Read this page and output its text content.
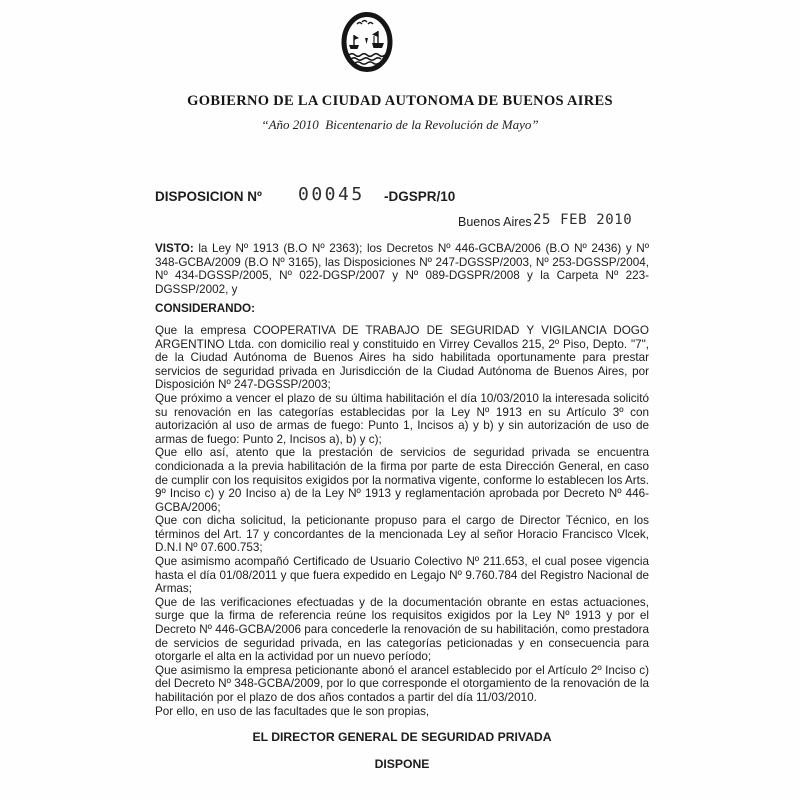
GOBIERNO DE LA CIUDAD AUTONOMA DE BUENOS AIRES
“Año 2010  Bicentenario de la Revolución de Mayo”
DISPOSICION Nº 00045 -DGSPR/10
Buenos Aires 25 FEB 2010

VISTO: la Ley Nº 1913 (B.O Nº 2363); los Decretos Nº 446-GCBA/2006 (B.O Nº 2436) y Nº 348-GCBA/2009 (B.O Nº 3165), las Disposiciones Nº 247-DGSSP/2003, Nº 253-DGSSP/2004, Nº 434-DGSSP/2005, Nº 022-DGSP/2007 y Nº 089-DGSPR/2008 y la Carpeta Nº 223- DGSSP/2002, y

CONSIDERANDO:

Que la empresa COOPERATIVA DE TRABAJO DE SEGURIDAD Y VIGILANCIA DOGO ARGENTINO Ltda. con domicilio real y constituido en Virrey Cevallos 215, 2º Piso, Depto. "7", de la Ciudad Autónoma de Buenos Aires ha sido habilitada oportunamente para prestar servicios de seguridad privada en Jurisdicción de la Ciudad Autónoma de Buenos Aires, por Disposición Nº 247-DGSSP/2003;

Que próximo a vencer el plazo de su última habilitación el día 10/03/2010 la interesada solicitó su renovación en las categorías establecidas por la Ley Nº 1913 en su Artículo 3º con autorización al uso de armas de fuego: Punto 1, Incisos a) y b) y sin autorización de uso de armas de fuego: Punto 2, Incisos a), b) y c);

Que ello así, atento que la prestación de servicios de seguridad privada se encuentra condicionada a la previa habilitación de la firma por parte de esta Dirección General, en caso de cumplir con los requisitos exigidos por la normativa vigente, conforme lo establecen los Arts. 9º Inciso c) y 20 Inciso a) de la Ley Nº 1913 y reglamentación aprobada por Decreto Nº 446-GCBA/2006;

Que con dicha solicitud, la peticionante propuso para el cargo de Director Técnico, en los términos del Art. 17 y concordantes de la mencionada Ley al señor Horacio Francisco Vlcek, D.N.I Nº 07.600.753;

Que asimismo acompañó Certificado de Usuario Colectivo Nº 211.653, el cual posee vigencia hasta el día 01/08/2011 y que fuera expedido en Legajo Nº 9.760.784 del Registro Nacional de Armas;

Que de las verificaciones efectuadas y de la documentación obrante en estas actuaciones, surge que la firma de referencia reúne los requisitos exigidos por la Ley Nº 1913 y por el Decreto Nº 446-GCBA/2006 para concederle la renovación de su habilitación, como prestadora de servicios de seguridad privada, en las categorías peticionadas y en consecuencia para otorgarle el alta en la actividad por un nuevo período;

Que asimismo la empresa peticionante abonó el arancel establecido por el Artículo 2º Inciso c) del Decreto Nº 348-GCBA/2009, por lo que corresponde el otorgamiento de la renovación de la habilitación por el plazo de dos años contados a partir del día 11/03/2010.

Por ello, en uso de las facultades que le son propias,

EL DIRECTOR GENERAL DE SEGURIDAD PRIVADA

DISPONE
